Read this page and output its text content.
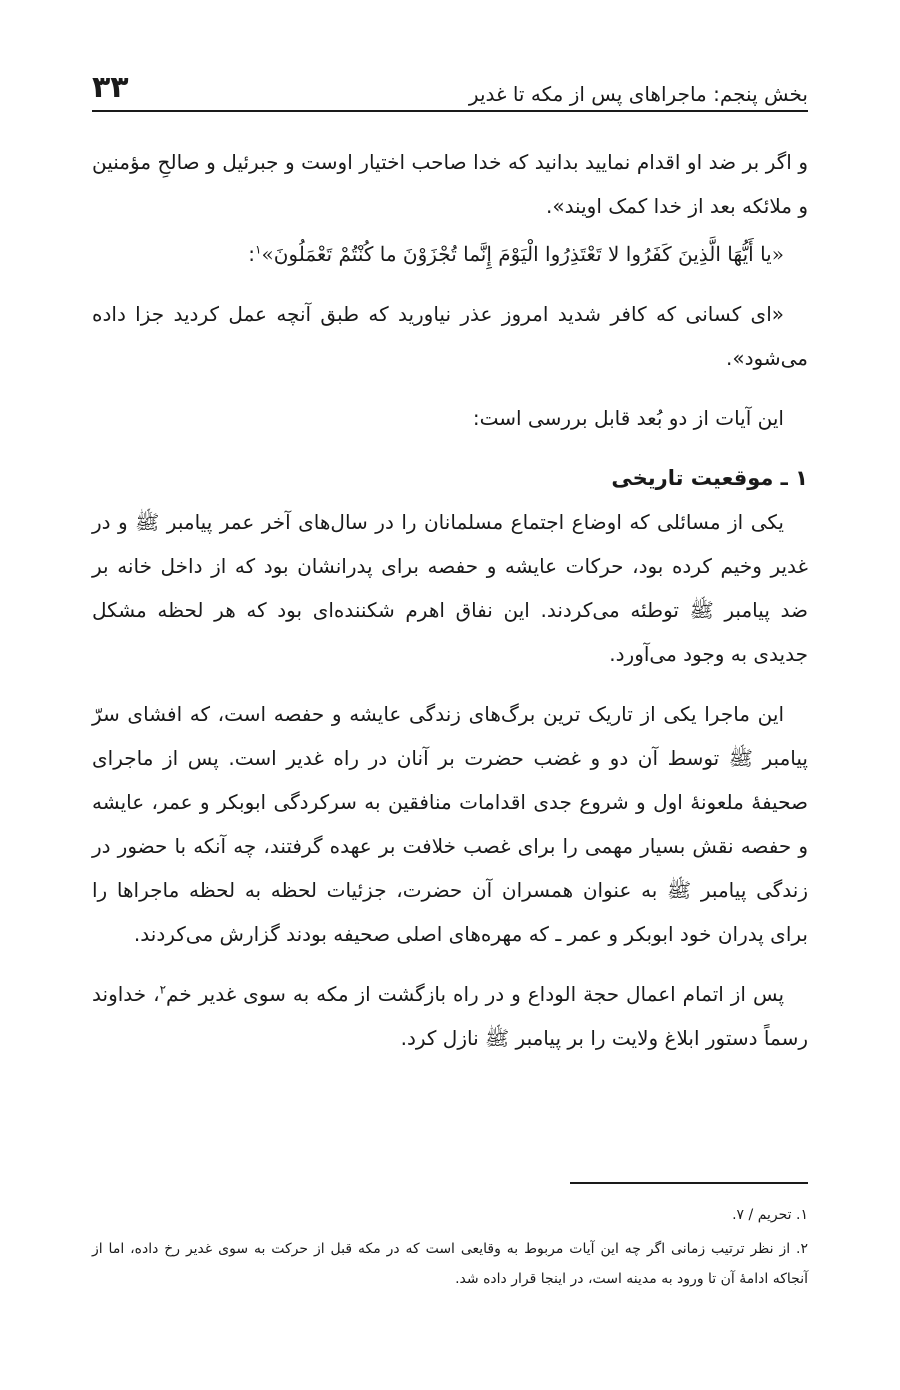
بخش پنجم: ماجراهای پس از مکه تا غدیر
۳۳

و اگر بر ضد او اقدام نمایید بدانید که خدا صاحب اختیار اوست و جبرئیل و صالحِ مؤمنین و ملائکه بعد از خدا کمک اویند».

«یا أَیُّهَا الَّذِینَ کَفَرُوا لا تَعْتَذِرُوا الْیَوْمَ إِنَّما تُجْزَوْنَ ما کُنْتُمْ تَعْمَلُونَ»$^۱$:

«ای کسانی که کافر شدید امروز عذر نیاورید که طبق آنچه عمل کردید جزا داده می‌شود».

این آیات از دو بُعد قابل بررسی است:

۱ ـ موقعیت تاریخی

یکی از مسائلی که اوضاع اجتماع مسلمانان را در سال‌های آخر عمر پیامبر ﷺ و در غدیر وخیم کرده بود، حرکات عایشه و حفصه برای پدرانشان بود که از داخل خانه بر ضد پیامبر ﷺ توطئه می‌کردند. این نفاق اهرم شکننده‌ای بود که هر لحظه مشکل جدیدی به وجود می‌آورد.

این ماجرا یکی از تاریک ترین برگ‌های زندگی عایشه و حفصه است، که افشای سرّ پیامبر ﷺ توسط آن دو و غضب حضرت بر آنان در راه غدیر است. پس از ماجرای صحیفهٔ ملعونهٔ اول و شروع جدی اقدامات منافقین به سرکردگی ابوبکر و عمر، عایشه و حفصه نقش بسیار مهمی را برای غصب خلافت بر عهده گرفتند، چه آنکه با حضور در زندگی پیامبر ﷺ به عنوان همسران آن حضرت، جزئیات لحظه به لحظه ماجراها را برای پدران خود ابوبکر و عمر ـ که مهره‌های اصلی صحیفه بودند گزارش می‌کردند.

پس از اتمام اعمال حجة الوداع و در راه بازگشت از مکه به سوی غدیر خم$^۲$، خداوند رسماً دستور ابلاغ ولایت را بر پیامبر ﷺ نازل کرد.

۱. تحریم / ۷.

۲. از نظر ترتیب زمانی اگر چه این آیات مربوط به وقایعی است که در مکه قبل از حرکت به سوی غدیر رخ داده، اما از آنجاکه ادامهٔ آن تا ورود به مدینه است، در اینجا قرار داده شد.
